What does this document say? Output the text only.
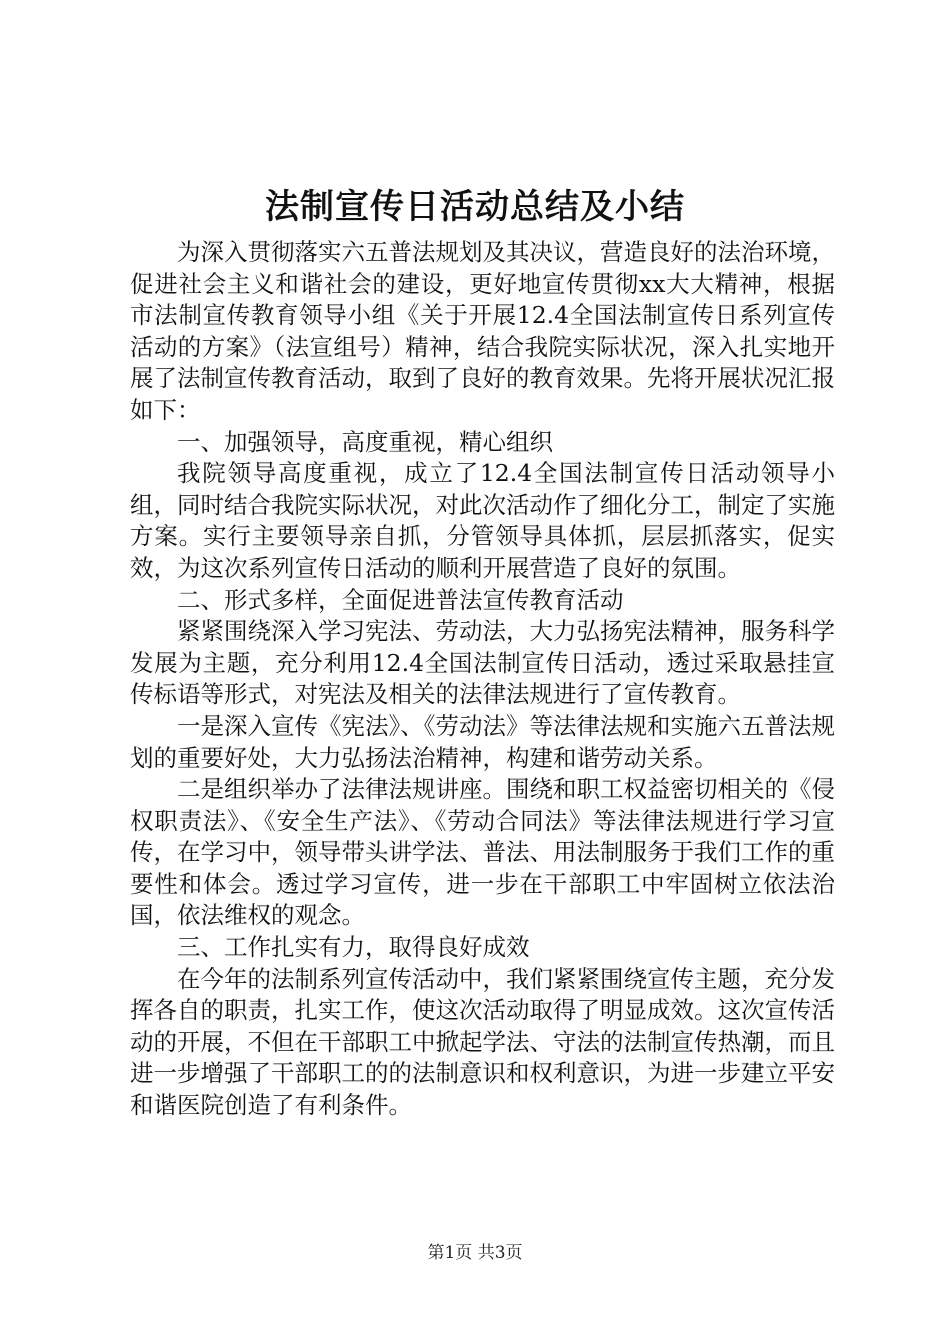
法制宣传日活动总结及小结

为深入贯彻落实六五普法规划及其决议，营造良好的法治环境，促进社会主义和谐社会的建设，更好地宣传贯彻xx大大精神，根据市法制宣传教育领导小组《关于开展12.4全国法制宣传日系列宣传活动的方案》（法宣组号）精神，结合我院实际状况，深入扎实地开展了法制宣传教育活动，取到了良好的教育效果。先将开展状况汇报如下：

一、加强领导，高度重视，精心组织

我院领导高度重视，成立了12.4全国法制宣传日活动领导小组，同时结合我院实际状况，对此次活动作了细化分工，制定了实施方案。实行主要领导亲自抓，分管领导具体抓，层层抓落实，促实效，为这次系列宣传日活动的顺利开展营造了良好的氛围。

二、形式多样，全面促进普法宣传教育活动

紧紧围绕深入学习宪法、劳动法，大力弘扬宪法精神，服务科学发展为主题，充分利用12.4全国法制宣传日活动，透过采取悬挂宣传标语等形式，对宪法及相关的法律法规进行了宣传教育。

一是深入宣传《宪法》、《劳动法》等法律法规和实施六五普法规划的重要好处，大力弘扬法治精神，构建和谐劳动关系。

二是组织举办了法律法规讲座。围绕和职工权益密切相关的《侵权职责法》、《安全生产法》、《劳动合同法》等法律法规进行学习宣传，在学习中，领导带头讲学法、普法、用法制服务于我们工作的重要性和体会。透过学习宣传，进一步在干部职工中牢固树立依法治国，依法维权的观念。

三、工作扎实有力，取得良好成效

在今年的法制系列宣传活动中，我们紧紧围绕宣传主题，充分发挥各自的职责，扎实工作，使这次活动取得了明显成效。这次宣传活动的开展，不但在干部职工中掀起学法、守法的法制宣传热潮，而且进一步增强了干部职工的的法制意识和权利意识，为进一步建立平安和谐医院创造了有利条件。

第1页 共3页
